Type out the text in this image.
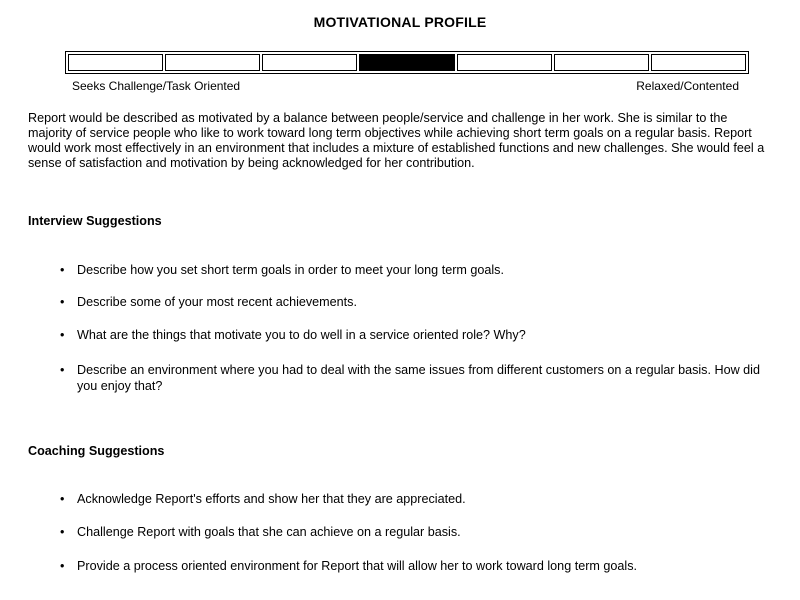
MOTIVATIONAL PROFILE
Seeks Challenge/Task Oriented	Relaxed/Contented

Report would be described as motivated by a balance between people/service and challenge in her work. She is similar to the majority of service people who like to work toward long term objectives while achieving short term goals on a regular basis. Report would work most effectively in an environment that includes a mixture of established functions and new challenges. She would feel a sense of satisfaction and motivation by being acknowledged for her contribution.

Interview Suggestions
• Describe how you set short term goals in order to meet your long term goals.
• Describe some of your most recent achievements.
• What are the things that motivate you to do well in a service oriented role? Why?
• Describe an environment where you had to deal with the same issues from different customers on a regular basis. How did you enjoy that?
Coaching Suggestions
• Acknowledge Report's efforts and show her that they are appreciated.
• Challenge Report with goals that she can achieve on a regular basis.
• Provide a process oriented environment for Report that will allow her to work toward long term goals.
